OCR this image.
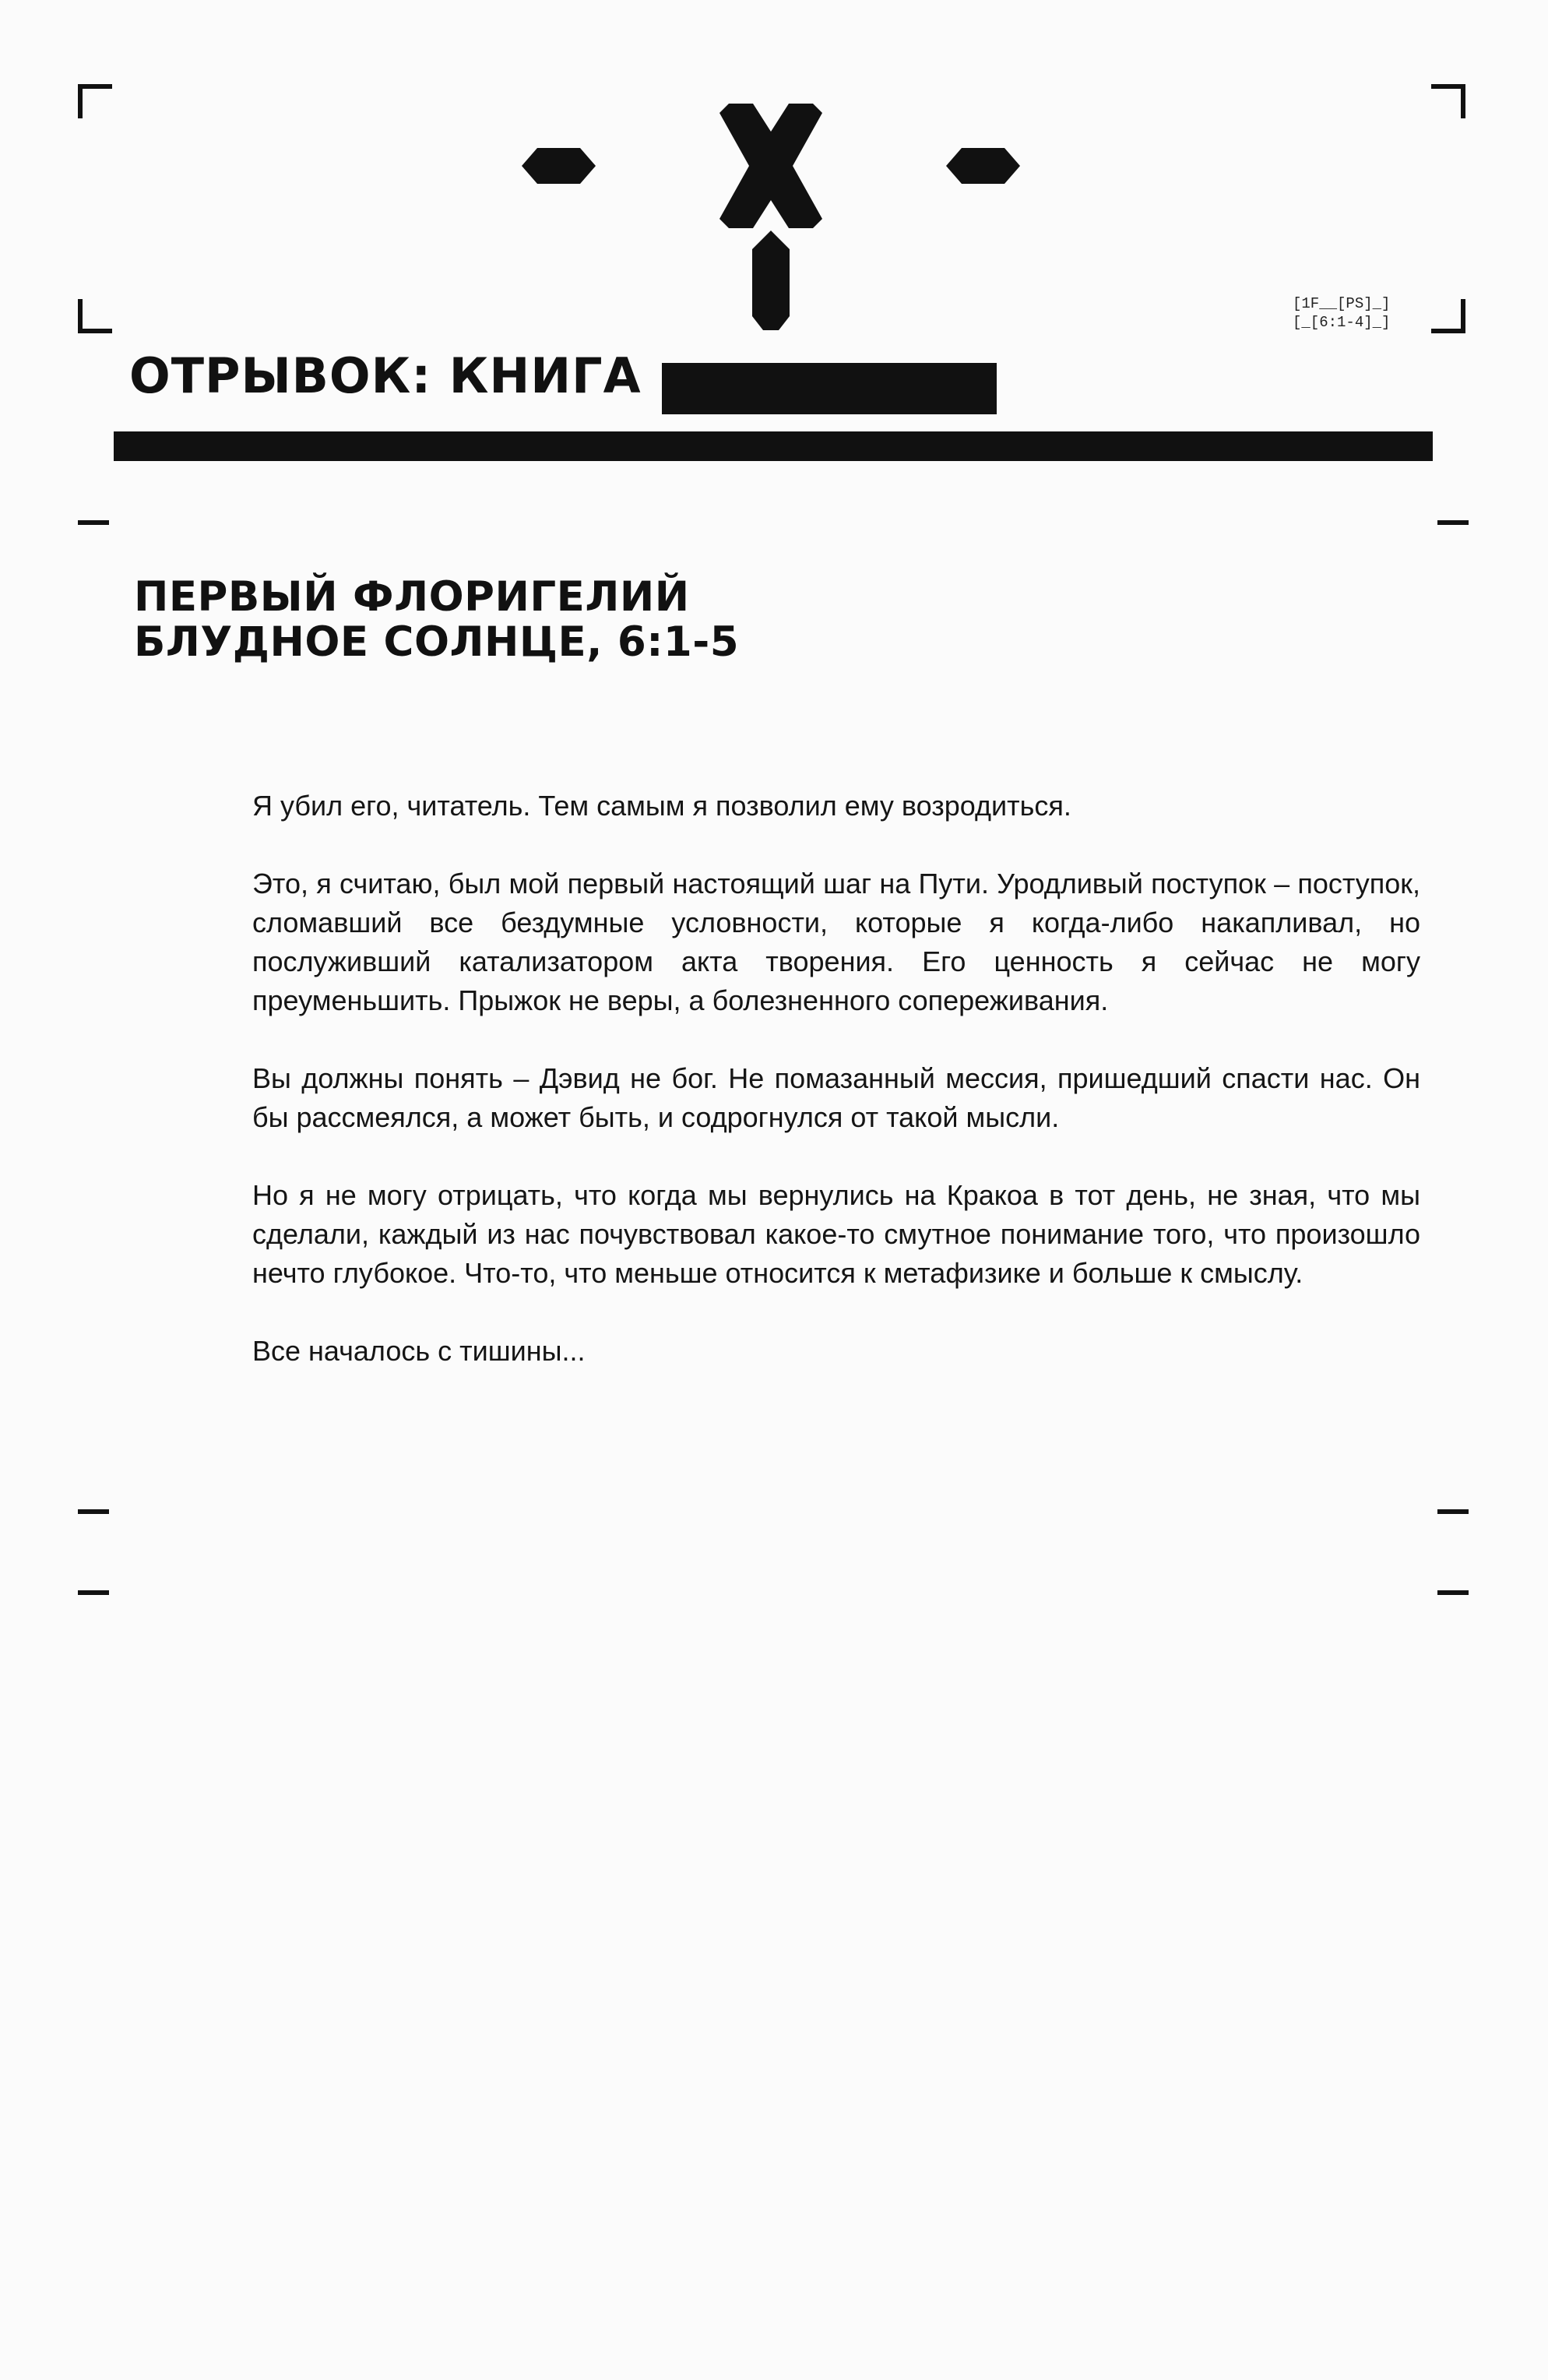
[1F__[PS]_]
[_[6:1-4]_]
ОТРЫВОК: КНИГА
ПЕРВЫЙ ФЛОРИГЕЛИЙ
БЛУДНОЕ СОЛНЦЕ, 6:1-5

Я убил его, читатель. Тем самым я позволил ему возродиться.

Это, я считаю, был мой первый настоящий шаг на Пути. Уродливый поступок – поступок, сломавший все бездумные условности, которые я когда-либо накапливал, но послуживший катализатором акта творения. Его ценность я сейчас не могу преуменьшить. Прыжок не веры, а болезненного сопереживания.

Вы должны понять – Дэвид не бог. Не помазанный мессия, пришедший спасти нас. Он бы рассмеялся, а может быть, и содрогнулся от такой мысли.

Но я не могу отрицать, что когда мы вернулись на Кракоа в тот день, не зная, что мы сделали, каждый из нас почувствовал какое-то смутное понимание того, что произошло нечто глубокое. Что-то, что меньше относится к метафизике и больше к смыслу.

Все началось с тишины...
